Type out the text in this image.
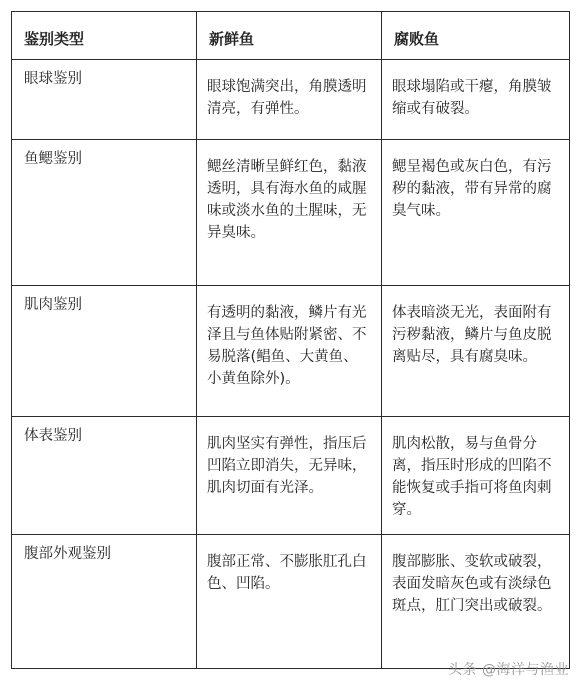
鉴别类型	新鲜鱼	腐败鱼
眼球鉴别	眼球饱满突出，角膜透明清亮，有弹性。	眼球塌陷或干瘪，角膜皱缩或有破裂。
鱼鳃鉴别	鳃丝清晰呈鲜红色，黏液透明，具有海水鱼的咸腥味或淡水鱼的土腥味，无异臭味。	鳃呈褐色或灰白色，有污秽的黏液，带有异常的腐臭气味。
肌肉鉴别	有透明的黏液，鳞片有光泽且与鱼体贴附紧密、不易脱落(鲳鱼、大黄鱼、小黄鱼除外)。	体表暗淡无光，表面附有污秽黏液，鳞片与鱼皮脱离贴尽，具有腐臭味。
体表鉴别	肌肉坚实有弹性，指压后凹陷立即消失，无异味，肌肉切面有光泽。	肌肉松散，易与鱼骨分离，指压时形成的凹陷不能恢复或手指可将鱼肉刺穿。
腹部外观鉴别	腹部正常、不膨胀肛孔白色、凹陷。	腹部膨胀、变软或破裂，表面发暗灰色或有淡绿色斑点，肛门突出或破裂。
头条 @海洋与渔业
